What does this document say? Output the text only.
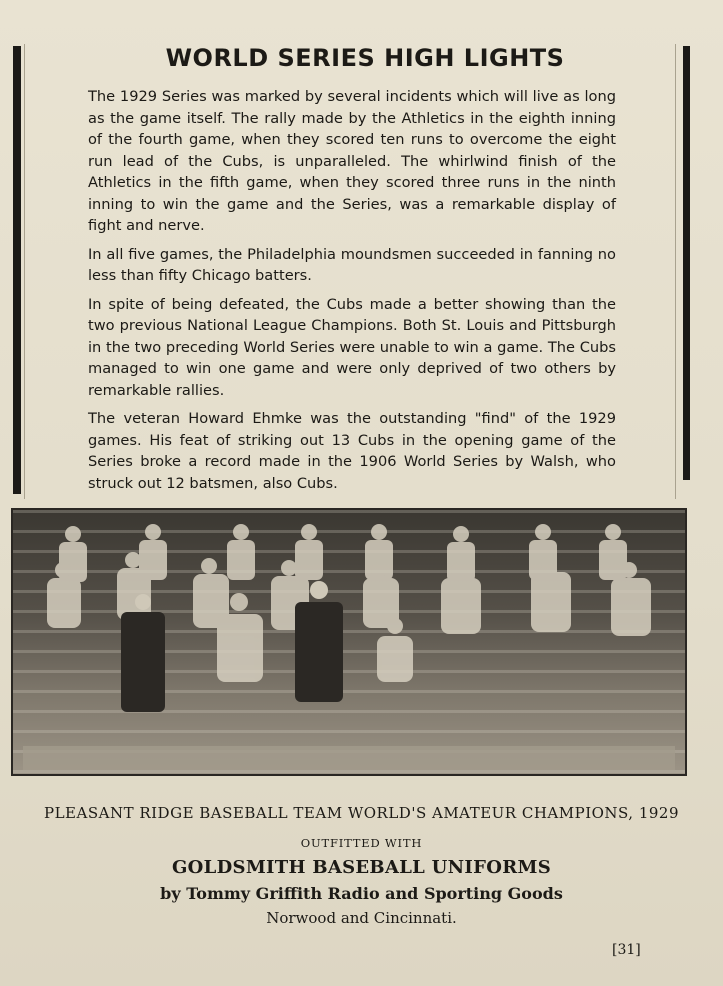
WORLD SERIES HIGH LIGHTS

The 1929 Series was marked by several incidents which will live as long as the game itself. The rally made by the Athletics in the eighth inning of the fourth game, when they scored ten runs to overcome the eight run lead of the Cubs, is unparalleled. The whirlwind finish of the Athletics in the fifth game, when they scored three runs in the ninth inning to win the game and the Series, was a remarkable display of fight and nerve.

In all five games, the Philadelphia moundsmen succeeded in fanning no less than fifty Chicago batters.

In spite of being defeated, the Cubs made a better showing than the two previous National League Champions. Both St. Louis and Pittsburgh in the two preceding World Series were unable to win a game. The Cubs managed to win one game and were only deprived of two others by remarkable rallies.

The veteran Howard Ehmke was the outstanding "find" of the 1929 games. His feat of striking out 13 Cubs in the opening game of the Series broke a record made in the 1906 World Series by Walsh, who struck out 12 batsmen, also Cubs.

PLEASANT RIDGE BASEBALL TEAM WORLD'S AMATEUR CHAMPIONS, 1929

OUTFITTED WITH

GOLDSMITH BASEBALL UNIFORMS

by Tommy Griffith Radio and Sporting Goods

Norwood and Cincinnati.

[31]
